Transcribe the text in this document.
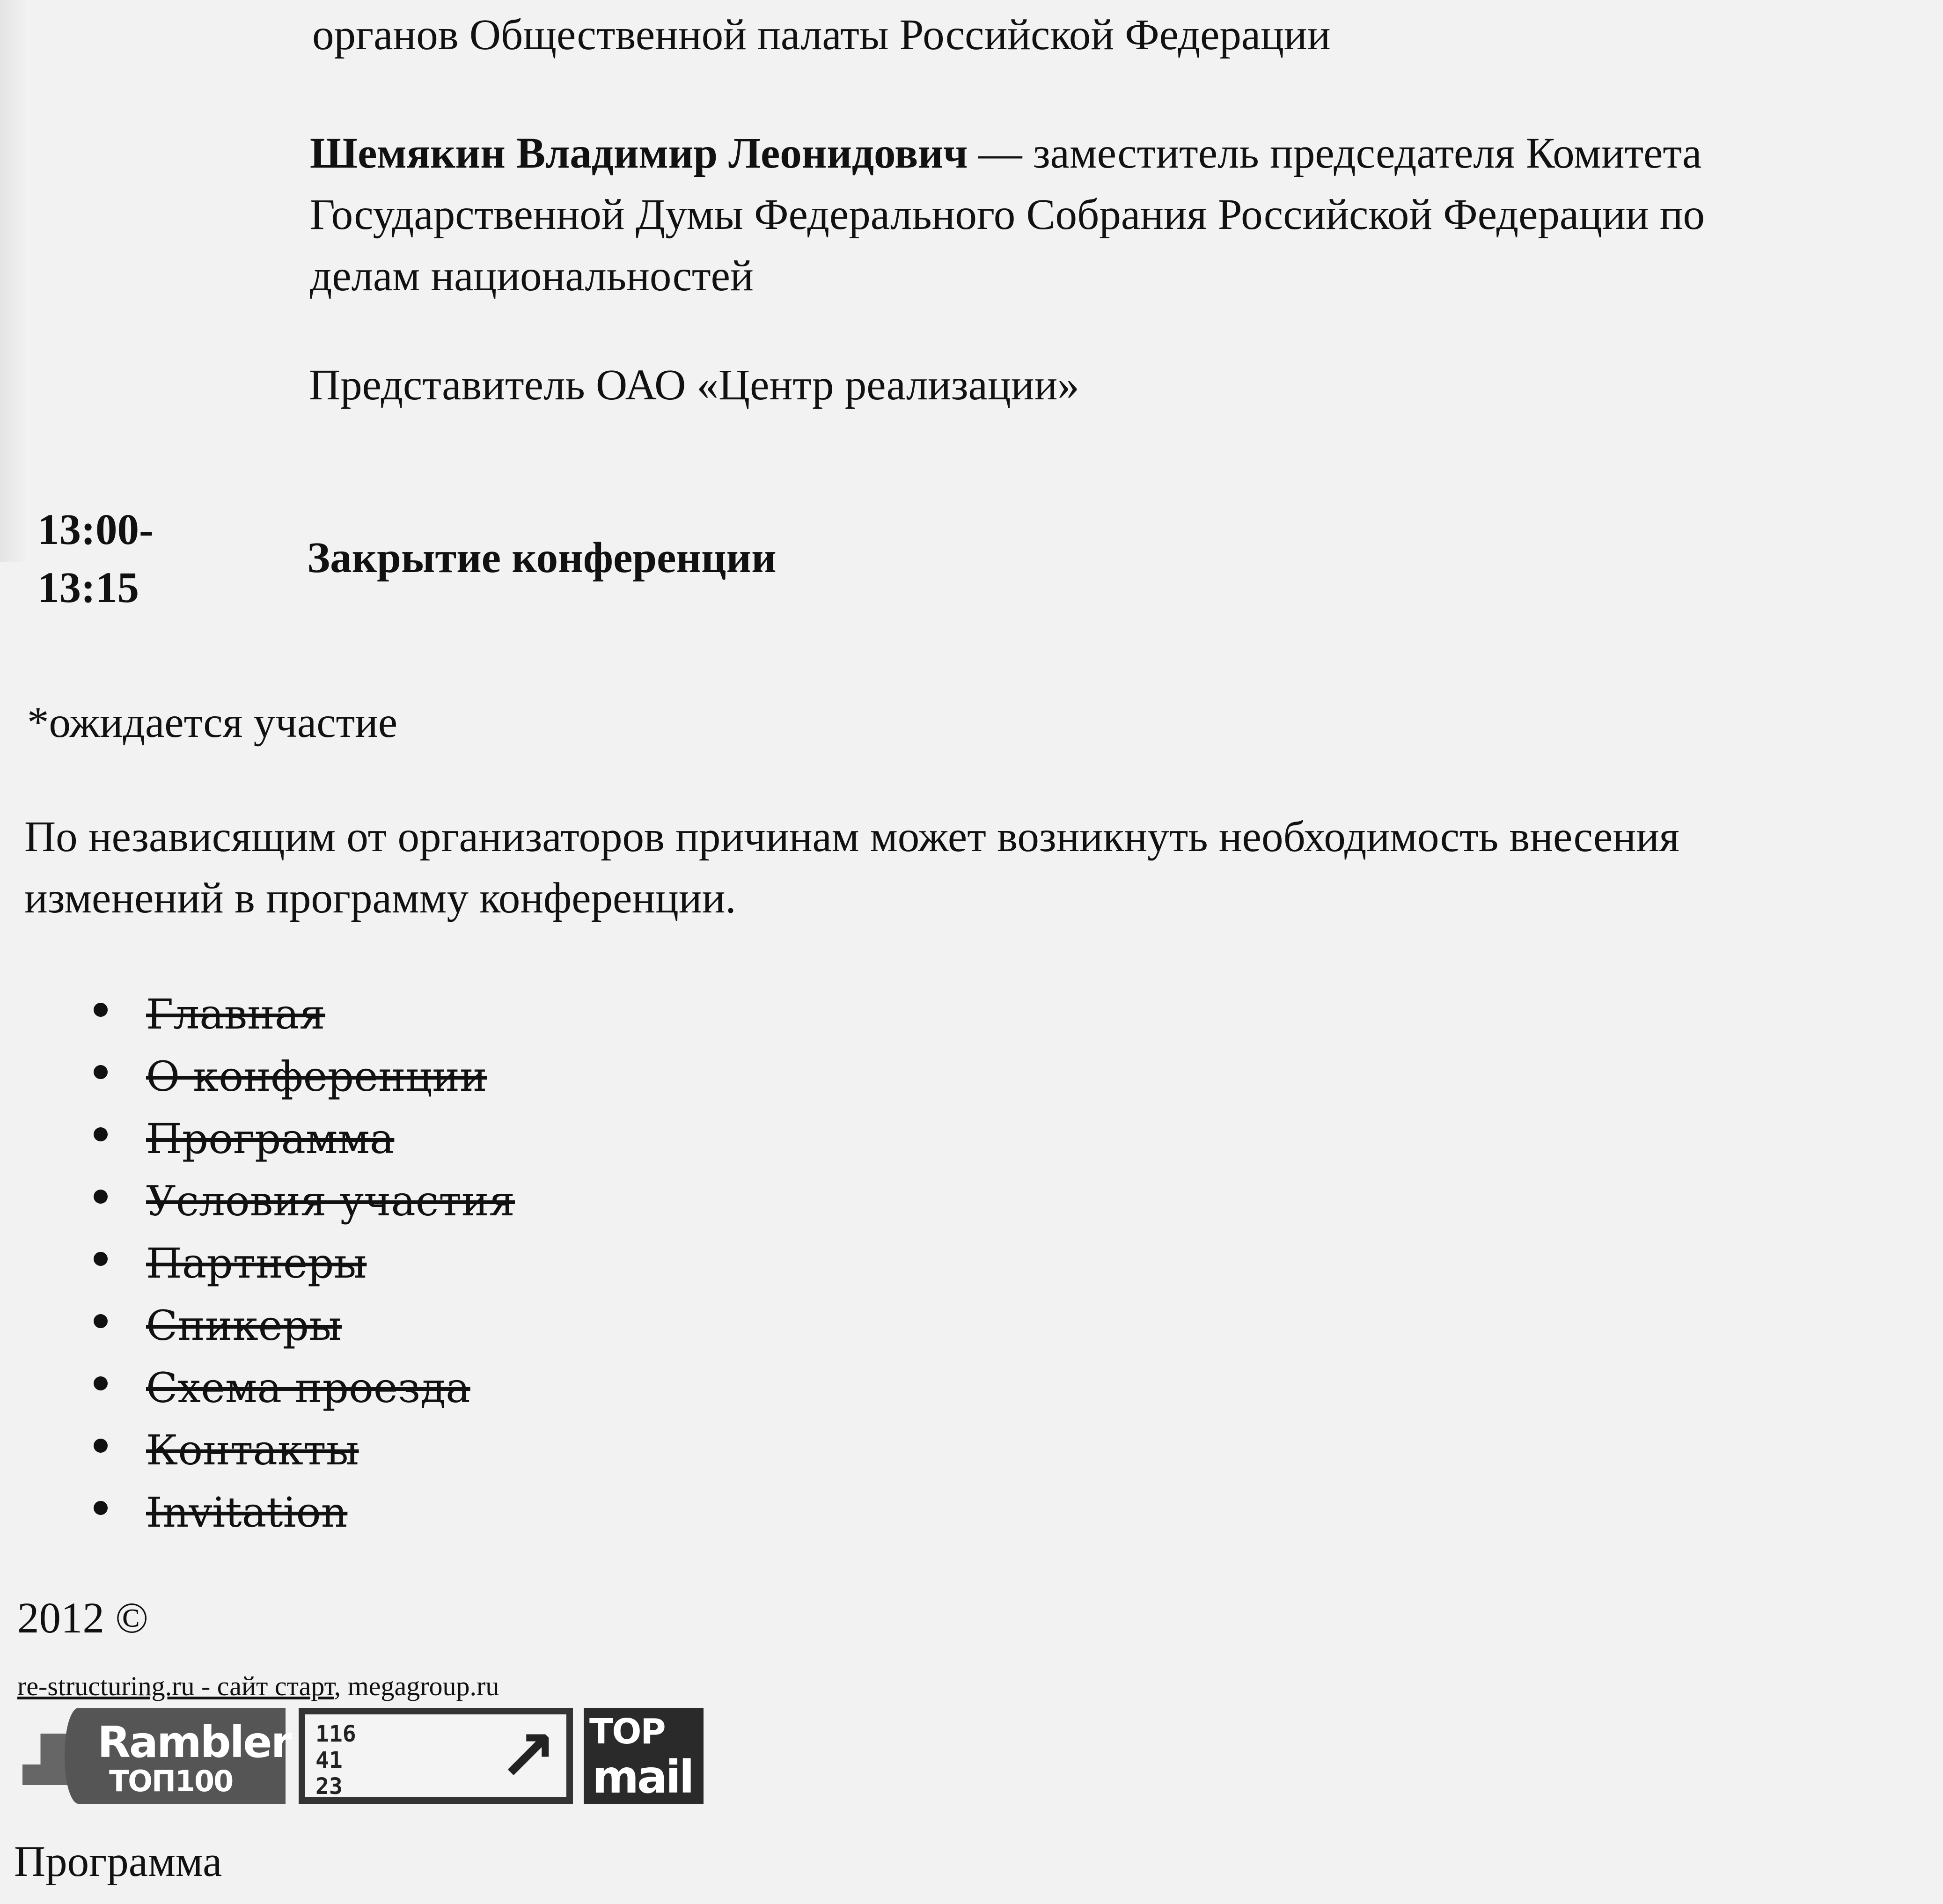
органов Общественной палаты Российской Федерации
Шемякин Владимир Леонидович — заместитель председателя Комитета
Государственной Думы Федерального Собрания Российской Федерации по
делам национальностей
Представитель ОАО «Центр реализации»
13:00-
13:15
Закрытие конференции
*ожидается участие
По независящим от организаторов причинам может возникнуть необходимость внесения
изменений в программу конференции.
Главная
О конференции
Программа
Условия участия
Партнеры
Спикеры
Схема проезда
Контакты
Invitation
2012 ©
re-structuring.ru - сайт старт, megagroup.ru
Rambler
ТОП100
116
41
23 ↗ TOP
mail
Программа
